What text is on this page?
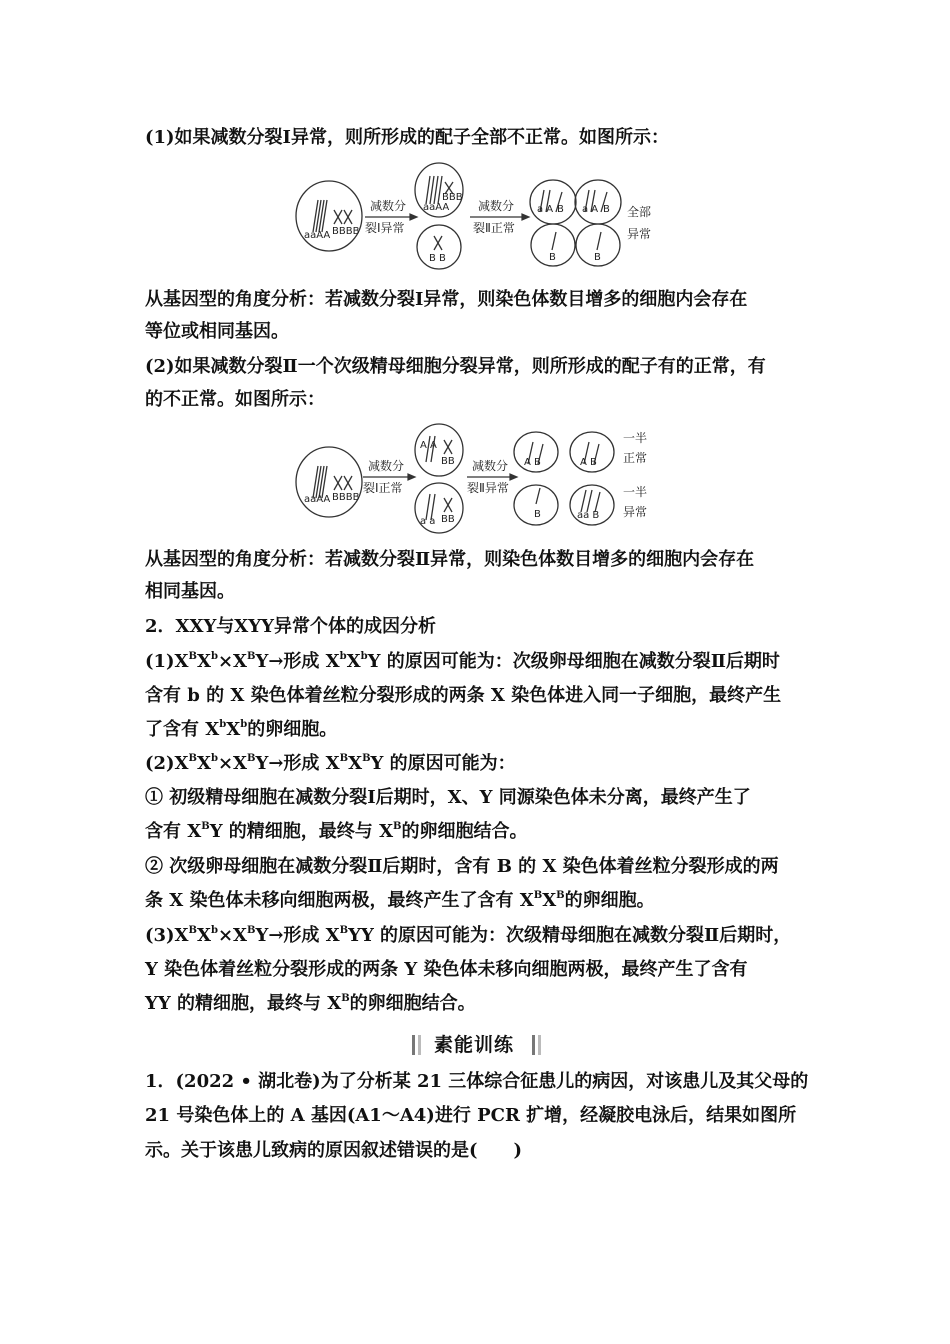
(1)如果减数分裂Ⅰ异常，则所形成的配子全部不正常。如图所示：
aaAA BBBB
aaAA
BBB
B B
a A B a A B
B	B
减数分
裂Ⅰ异常
减数分
裂Ⅱ正常
全部
异常
从基因型的角度分析：若减数分裂Ⅰ异常，则染色体数目增多的细胞内会存在
等位或相同基因。
(2)如果减数分裂Ⅱ一个次级精母细胞分裂异常，则所形成的配子有的正常，有
的不正常。如图所示：
aaAA BBBB
A A
BB
a a BB
A B	A B
B	aa B
减数分
裂Ⅰ正常
减数分
裂Ⅱ异常
一半
正常
一半
异常
从基因型的角度分析：若减数分裂Ⅱ异常，则染色体数目增多的细胞内会存在
相同基因。
2．XXY与XYY异常个体的成因分析
$(1)X^BX^b\times X^BY\to$形成 $X^bX^bY$ 的原因可能为：次级卵母细胞在减数分裂Ⅱ后期时
含有 b 的 X 染色体着丝粒分裂形成的两条 X 染色体进入同一子细胞，最终产生
了含有 $X^bX^b$的卵细胞。
$(2)X^BX^b\times X^BY\to$形成 $X^BX^BY$ 的原因可能为：
① 初级精母细胞在减数分裂Ⅰ后期时，X、Y 同源染色体未分离，最终产生了
含有 $X^BY$ 的精细胞，最终与 $X^B$的卵细胞结合。
② 次级卵母细胞在减数分裂Ⅱ后期时，含有 B 的 X 染色体着丝粒分裂形成的两
条 X 染色体未移向细胞两极，最终产生了含有 $X^BX^B$的卵细胞。
$(3)X^BX^b\times X^BY\to$形成 $X^BYY$ 的原因可能为：次级精母细胞在减数分裂Ⅱ后期时，
Y 染色体着丝粒分裂形成的两条 Y 染色体未移向细胞两极，最终产生了含有
YY 的精细胞，最终与 $X^B$的卵细胞结合。
素能训练
1．(2022 • 湖北卷)为了分析某 21 三体综合征患儿的病因，对该患儿及其父母的
21 号染色体上的 A 基因(A1～A4)进行 PCR 扩增，经凝胶电泳后，结果如图所
示。关于该患儿致病的原因叙述错误的是(　　)
